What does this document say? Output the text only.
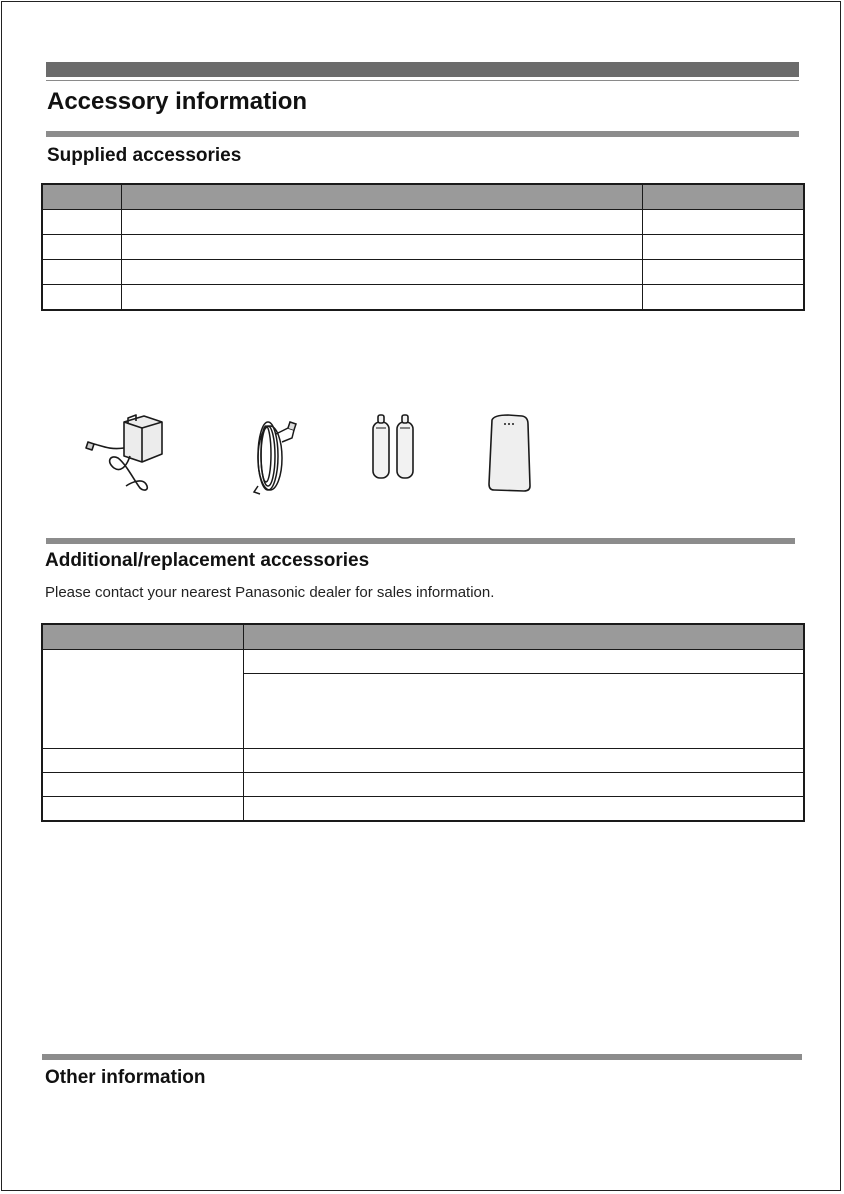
Accessory information
Supplied accessories

Additional/replacement accessories

Please contact your nearest Panasonic dealer for sales information.

Other information
